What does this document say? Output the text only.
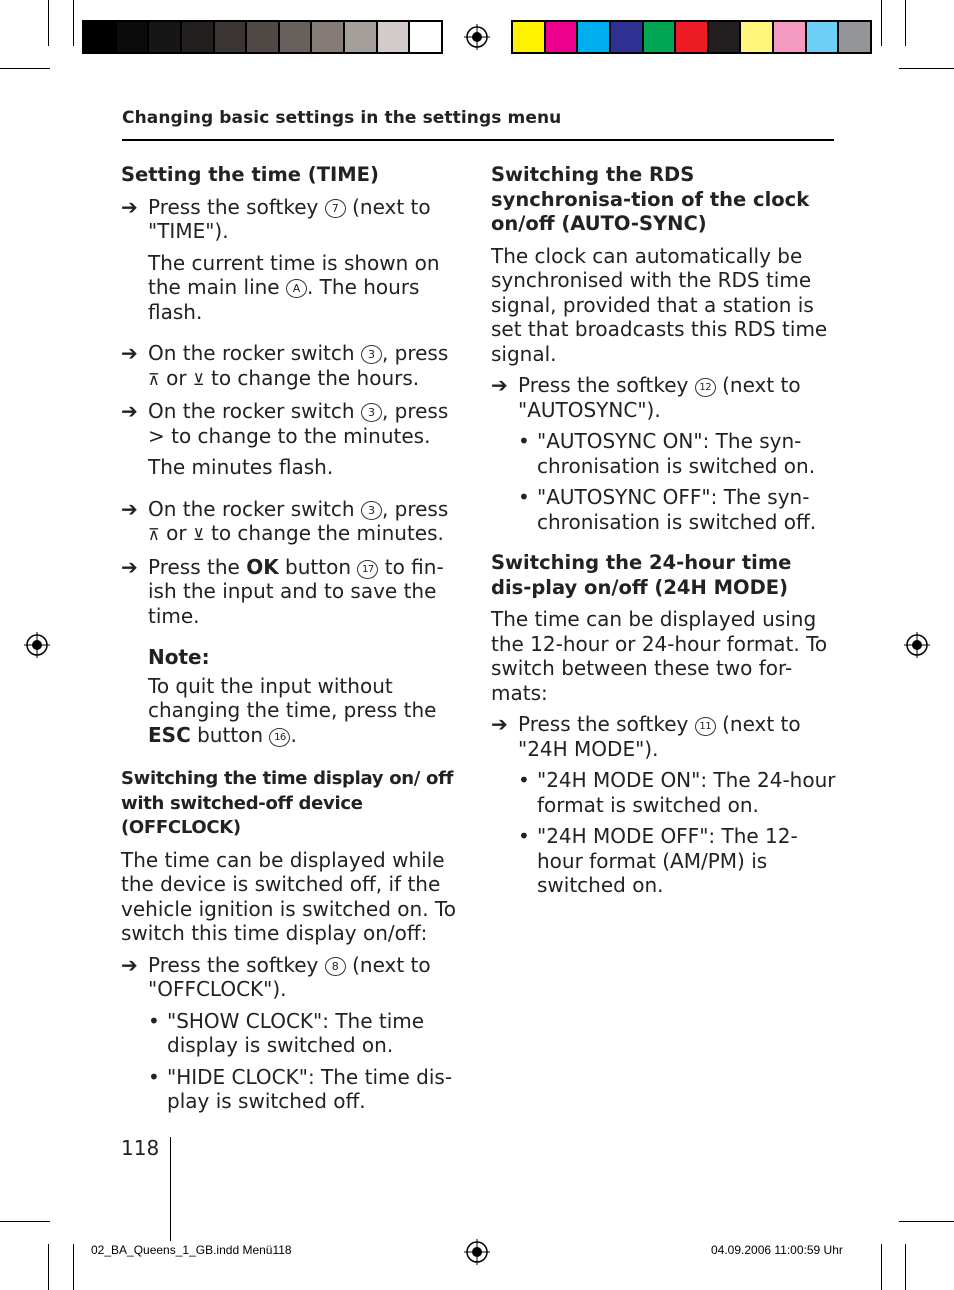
Changing basic settings in the settings menu
Setting the time (TIME)
➔ Press the softkey 7 (next to "TIME").
The current time is shown on the main line A . The hours flash.
➔ On the rocker switch 3 , press ⊼ or ⊻ to change the hours.
➔ On the rocker switch 3 , press > to change to the minutes.
The minutes flash.
➔ On the rocker switch 3 , press ⊼ or ⊻ to change the minutes.
➔ Press the OK button 17 to fin-ish the input and to save the time.
Note:
To quit the input without changing the time, press the ESC button 16 .
Switching the time display on/ off with switched-off device (OFFCLOCK)

The time can be displayed while the device is switched off, if the vehicle ignition is switched on. To switch this time display on/off:

➔ Press the softkey 8 (next to "OFFCLOCK").
• "SHOW CLOCK": The time display is switched on.
• "HIDE CLOCK": The time dis-play is switched off.
Switching the RDS synchronisa-tion of the clock on/off (AUTO-SYNC)

The clock can automatically be synchronised with the RDS time signal, provided that a station is set that broadcasts this RDS time signal.

➔ Press the softkey 12 (next to "AUTOSYNC").
• "AUTOSYNC ON": The syn-chronisation is switched on.
• "AUTOSYNC OFF": The syn-chronisation is switched off.
Switching the 24-hour time dis-play on/off (24H MODE)

The time can be displayed using the 12-hour or 24-hour format. To switch between these two for-mats:

➔ Press the softkey 11 (next to "24H MODE").
• "24H MODE ON": The 24-hour format is switched on.
• "24H MODE OFF": The 12-hour format (AM/PM) is switched on.
118
02_BA_Queens_1_GB.indd Menü118	04.09.2006 11:00:59 Uhr
